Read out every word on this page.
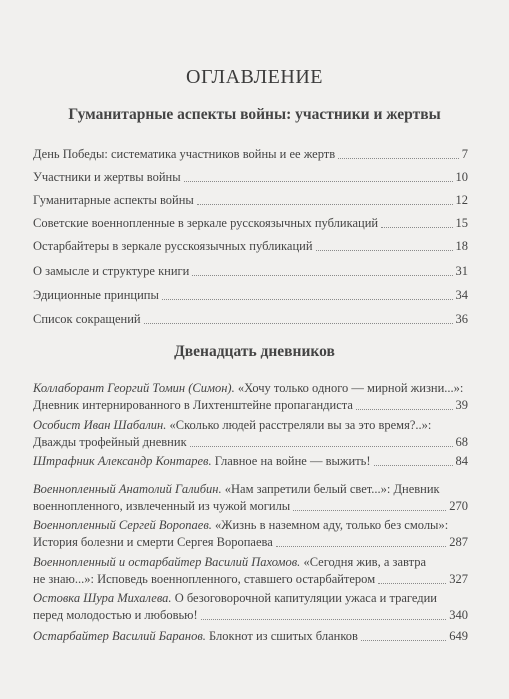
ОГЛАВЛЕНИЕ
Гуманитарные аспекты войны: участники и жертвы
День Победы: систематика участников войны и ее жертв	7
Участники и жертвы войны	10
Гуманитарные аспекты войны	12
Советские военнопленные в зеркале русскоязычных публикаций	15
Остарбайтеры в зеркале русскоязычных публикаций	18
О замысле и структуре книги	31
Эдиционные принципы	34
Список сокращений	36
Двенадцать дневников
Коллаборант Георгий Томин (Симон). «Хочу только одного — мирной жизни...»:
Дневник интернированного в Лихтенштейне пропагандиста	39
Особист Иван Шабалин. «Сколько людей расстреляли вы за это время?..»:
Дважды трофейный дневник	68
Штрафник Александр Контарев. Главное на войне — выжить!	84
Военнопленный Анатолий Галибин. «Нам запретили белый свет...»: Дневник
военнопленного, извлеченный из чужой могилы	270
Военнопленный Сергей Воропаев. «Жизнь в наземном аду, только без смолы»:
История болезни и смерти Сергея Воропаева	287
Военнопленный и остарбайтер Василий Пахомов. «Сегодня жив, а завтра
не знаю...»: Исповедь военнопленного, ставшего остарбайтером	327
Остовка Шура Михалева. О безоговорочной капитуляции ужаса и трагедии
перед молодостью и любовью!	340
Остарбайтер Василий Баранов. Блокнот из сшитых бланков	649
